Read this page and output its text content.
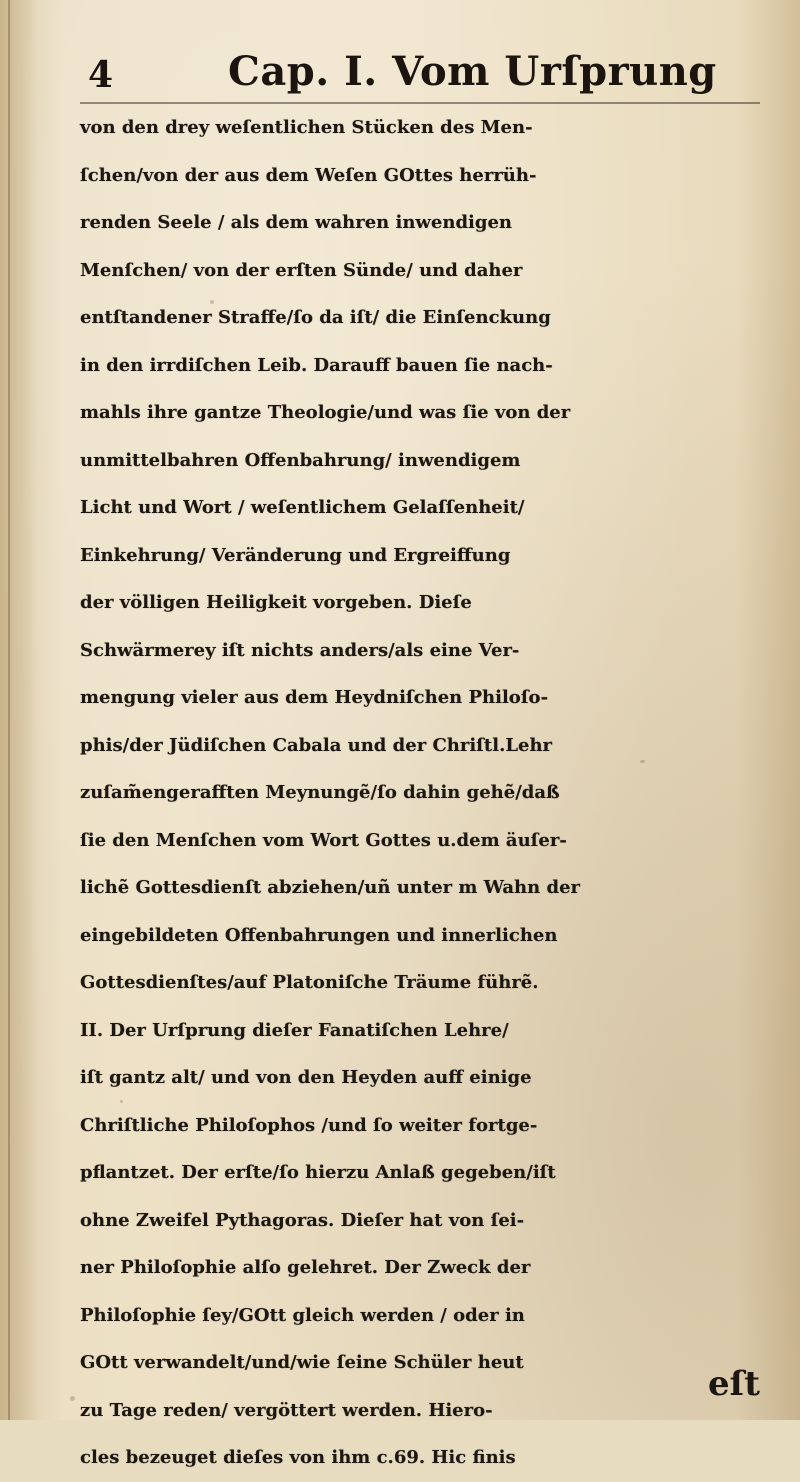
4	Cap. I. Vom Urſprung
von den drey weſentlichen Stücken des Men-
ſchen/von der aus dem Weſen GOttes herrüh-
renden Seele / als dem wahren inwendigen
Menſchen/ von der erſten Sünde/ und daher
entſtandener Straffe/ſo da iſt/ die Einſenckung
in den irrdiſchen Leib. Darauff bauen ſie nach-
mahls ihre gantze Theologie/und was ſie von der
unmittelbahren Offenbahrung/ inwendigem
Licht und Wort / weſentlichem Gelaſſenheit/
Einkehrung/ Veränderung und Ergreiffung
der völligen Heiligkeit vorgeben. Dieſe
Schwärmerey iſt nichts anders/als eine Ver-
mengung vieler aus dem Heydniſchen Philoſo-
phis/der Jüdiſchen Cabala und der Chriſtl.Lehr
zuſam̃engerafften Meynungẽ/ſo dahin gehẽ/daß
ſie den Menſchen vom Wort Gottes u.dem äuſer-
lichẽ Gottesdienſt abziehen/uñ unter m Wahn der
eingebildeten Offenbahrungen und innerlichen
Gottesdienſtes/auf Platoniſche Träume führẽ.
II. Der Urſprung dieſer Fanatiſchen Lehre/
iſt gantz alt/ und von den Heyden auff einige
Chriſtliche Philoſophos /und ſo weiter fortge-
pflantzet. Der erſte/ſo hierzu Anlaß gegeben/iſt
ohne Zweifel Pythagoras. Dieſer hat von ſei-
ner Philoſophie alſo gelehret. Der Zweck der
Philoſophie ſey/GOtt gleich werden / oder in
GOtt verwandelt/und/wie ſeine Schüler heut
zu Tage reden/ vergöttert werden. Hiero-
cles bezeuget dieſes von ihm c.69. Hic finis
eſt
